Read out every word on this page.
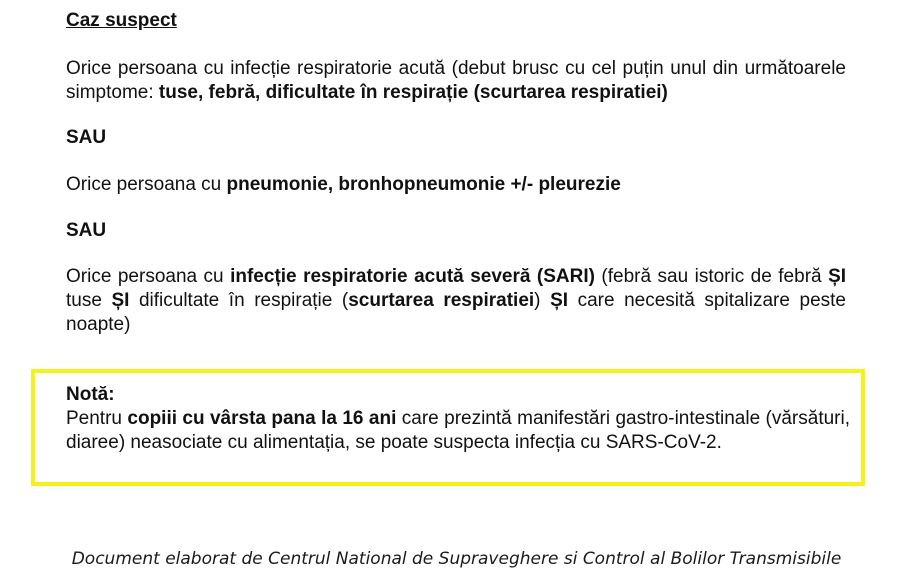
Caz suspect
Orice persoana cu infecție respiratorie acută (debut brusc cu cel puțin unul din următoarele simptome: tuse, febră, dificultate în respirație (scurtarea respiratiei)
SAU
Orice persoana cu pneumonie, bronhopneumonie +/- pleurezie
SAU
Orice persoana cu infecție respiratorie acută severă (SARI) (febră sau istoric de febră ȘI tuse ȘI dificultate în respirație (scurtarea respiratiei) ȘI care necesită spitalizare peste noapte)
Notă:
Pentru copiii cu vârsta pana la 16 ani care prezintă manifestări gastro-intestinale (vărsături, diaree) neasociate cu alimentația, se poate suspecta infecția cu SARS-CoV-2.
Document elaborat de Centrul National de Supraveghere si Control al Bolilor Transmisibile
